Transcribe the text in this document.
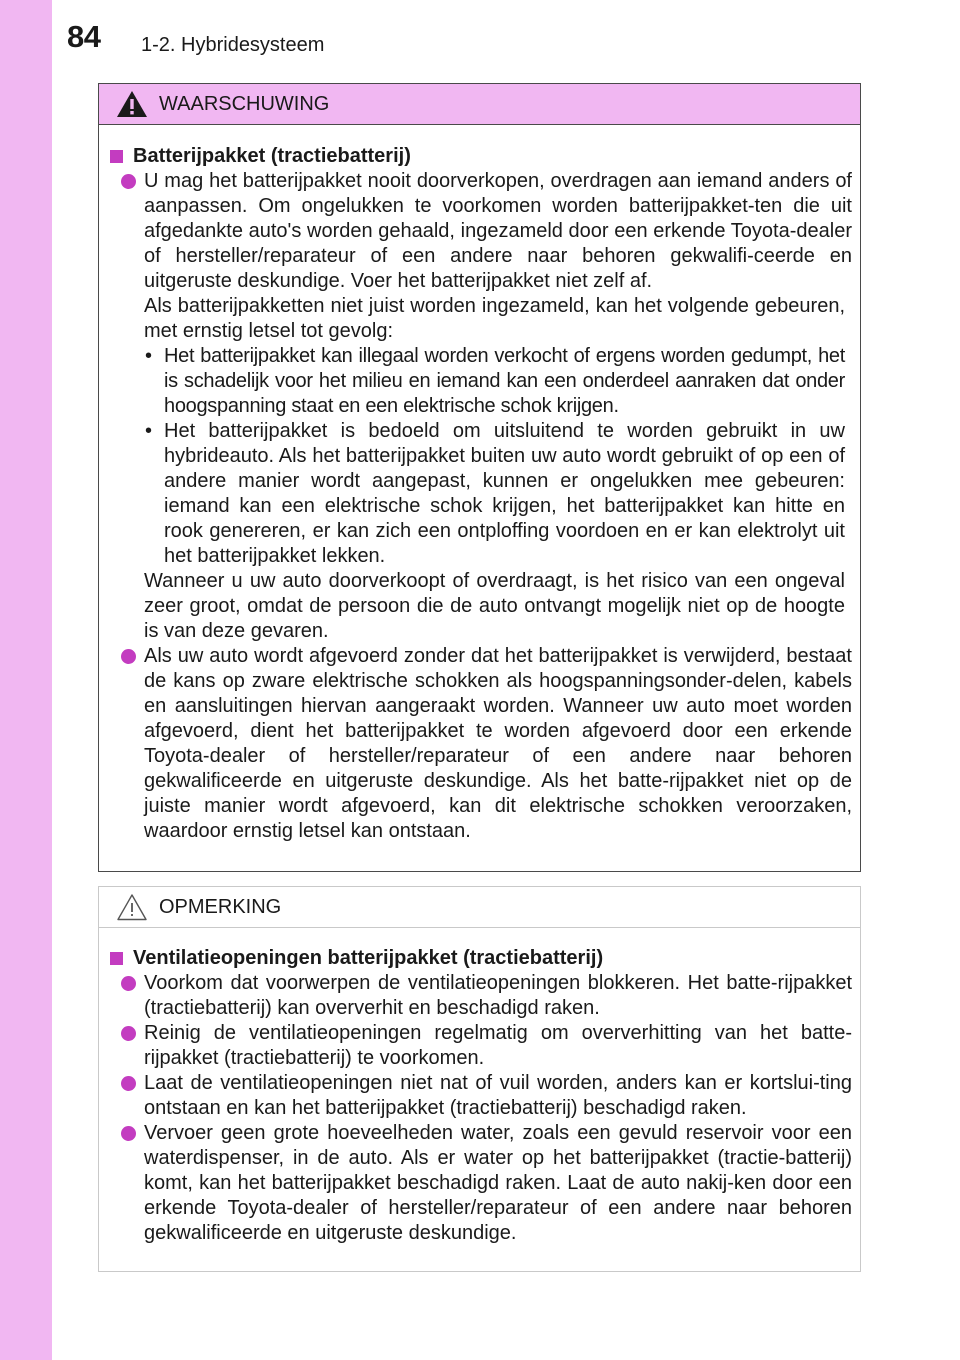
84 1-2. Hybridesysteem
WAARSCHUWING
Batterijpakket (tractiebatterij)
U mag het batterijpakket nooit doorverkopen, overdragen aan iemand anders of aanpassen. Om ongelukken te voorkomen worden batterijpakket-ten die uit afgedankte auto's worden gehaald, ingezameld door een erkende Toyota-dealer of hersteller/reparateur of een andere naar behoren gekwalifi-ceerde en uitgeruste deskundige. Voer het batterijpakket niet zelf af.
Als batterijpakketten niet juist worden ingezameld, kan het volgende gebeuren, met ernstig letsel tot gevolg:
• Het batterijpakket kan illegaal worden verkocht of ergens worden gedumpt, het is schadelijk voor het milieu en iemand kan een onderdeel aanraken dat onder hoogspanning staat en een elektrische schok krijgen.
• Het batterijpakket is bedoeld om uitsluitend te worden gebruikt in uw hybrideauto. Als het batterijpakket buiten uw auto wordt gebruikt of op een of andere manier wordt aangepast, kunnen er ongelukken mee gebeuren: iemand kan een elektrische schok krijgen, het batterijpakket kan hitte en rook genereren, er kan zich een ontploffing voordoen en er kan elektrolyt uit het batterijpakket lekken.
Wanneer u uw auto doorverkoopt of overdraagt, is het risico van een ongeval zeer groot, omdat de persoon die de auto ontvangt mogelijk niet op de hoogte is van deze gevaren.
Als uw auto wordt afgevoerd zonder dat het batterijpakket is verwijderd, bestaat de kans op zware elektrische schokken als hoogspanningsonder-delen, kabels en aansluitingen hiervan aangeraakt worden. Wanneer uw auto moet worden afgevoerd, dient het batterijpakket te worden afgevoerd door een erkende Toyota-dealer of hersteller/reparateur of een andere naar behoren gekwalificeerde en uitgeruste deskundige. Als het batte-rijpakket niet op de juiste manier wordt afgevoerd, kan dit elektrische schokken veroorzaken, waardoor ernstig letsel kan ontstaan.
OPMERKING
Ventilatieopeningen batterijpakket (tractiebatterij)
Voorkom dat voorwerpen de ventilatieopeningen blokkeren. Het batte-rijpakket (tractiebatterij) kan oververhit en beschadigd raken.
Reinig de ventilatieopeningen regelmatig om oververhitting van het batte-rijpakket (tractiebatterij) te voorkomen.
Laat de ventilatieopeningen niet nat of vuil worden, anders kan er kortslui-ting ontstaan en kan het batterijpakket (tractiebatterij) beschadigd raken.
Vervoer geen grote hoeveelheden water, zoals een gevuld reservoir voor een waterdispenser, in de auto. Als er water op het batterijpakket (tractie-batterij) komt, kan het batterijpakket beschadigd raken. Laat de auto nakij-ken door een erkende Toyota-dealer of hersteller/reparateur of een andere naar behoren gekwalificeerde en uitgeruste deskundige.
